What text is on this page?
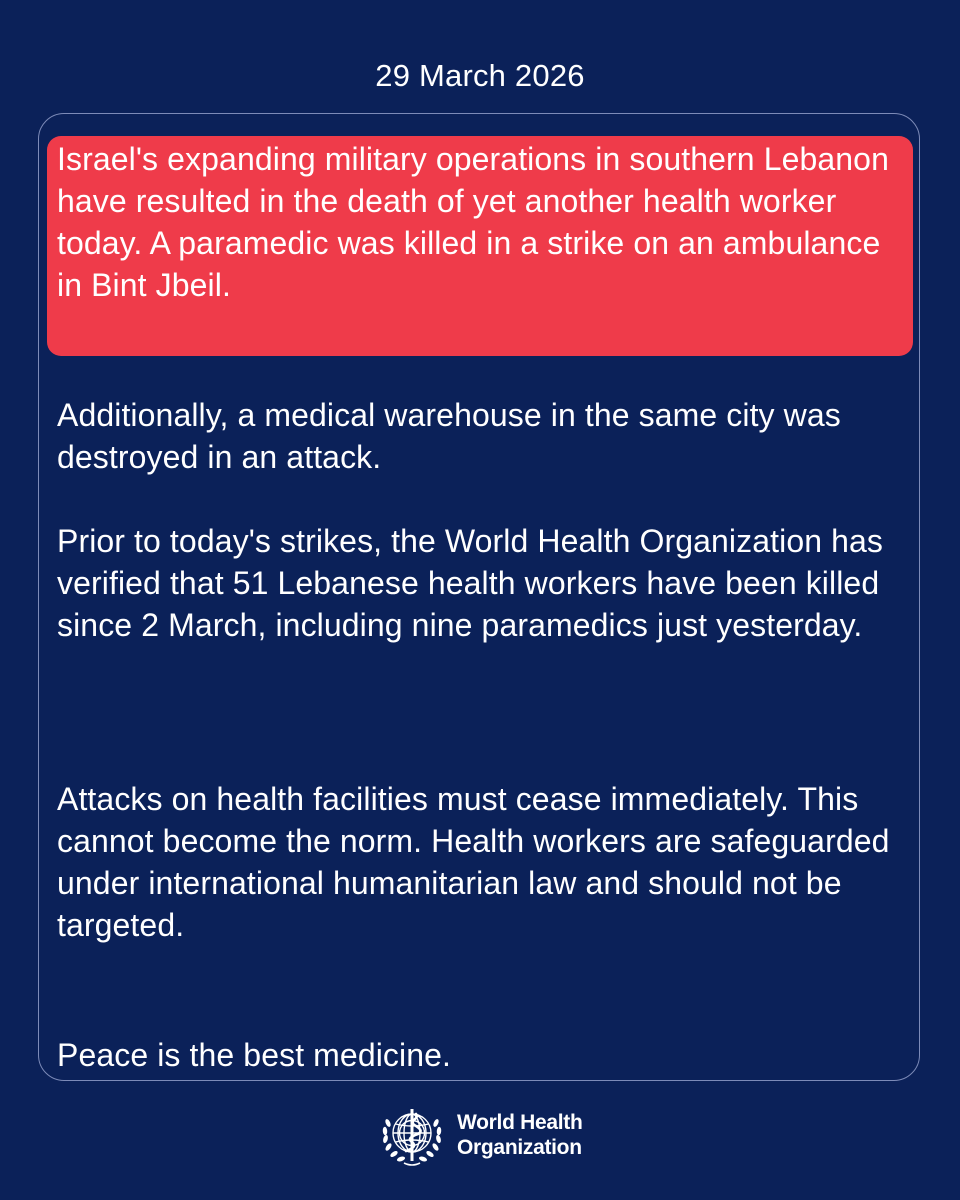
29 March 2026

Israel's expanding military operations in southern Lebanon have resulted in the death of yet another health worker today. A paramedic was killed in a strike on an ambulance in Bint Jbeil.

Additionally, a medical warehouse in the same city was destroyed in an attack.

Prior to today's strikes, the World Health Organization has verified that 51 Lebanese health workers have been killed since 2 March, including nine paramedics just yesterday.

Attacks on health facilities must cease immediately. This cannot become the norm. Health workers are safeguarded under international humanitarian law and should not be targeted.

Peace is the best medicine.

World Health
Organization
